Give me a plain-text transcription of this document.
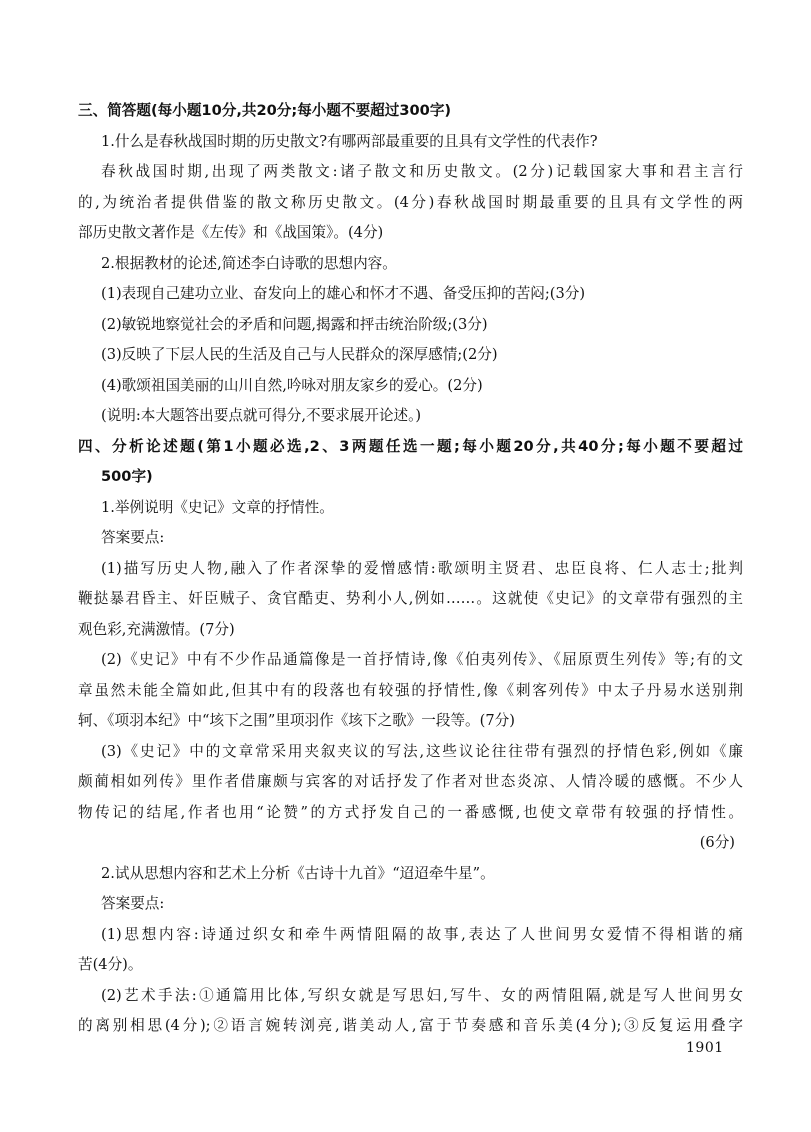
三、简答题(每小题10分,共20分;每小题不要超过300字)
1.什么是春秋战国时期的历史散文?有哪两部最重要的且具有文学性的代表作?
春秋战国时期,出现了两类散文:诸子散文和历史散文。(2分)记载国家大事和君主言行
的,为统治者提供借鉴的散文称历史散文。(4分)春秋战国时期最重要的且具有文学性的两
部历史散文著作是《左传》和《战国策》。(4分)
2.根据教材的论述,简述李白诗歌的思想内容。
(1)表现自己建功立业、奋发向上的雄心和怀才不遇、备受压抑的苦闷;(3分)
(2)敏锐地察觉社会的矛盾和问题,揭露和抨击统治阶级;(3分)
(3)反映了下层人民的生活及自己与人民群众的深厚感情;(2分)
(4)歌颂祖国美丽的山川自然,吟咏对朋友家乡的爱心。(2分)
(说明:本大题答出要点就可得分,不要求展开论述。)
四、分析论述题(第1小题必选,2、3两题任选一题;每小题20分,共40分;每小题不要超过
500字)
1.举例说明《史记》文章的抒情性。
答案要点:
(1)描写历史人物,融入了作者深挚的爱憎感情:歌颂明主贤君、忠臣良将、仁人志士;批判
鞭挞暴君昏主、奸臣贼子、贪官酷吏、势利小人,例如……。这就使《史记》的文章带有强烈的主
观色彩,充满激情。(7分)
(2)《史记》中有不少作品通篇像是一首抒情诗,像《伯夷列传》、《屈原贾生列传》等;有的文
章虽然未能全篇如此,但其中有的段落也有较强的抒情性,像《刺客列传》中太子丹易水送别荆
轲、《项羽本纪》中“垓下之围”里项羽作《垓下之歌》一段等。(7分)
(3)《史记》中的文章常采用夹叙夹议的写法,这些议论往往带有强烈的抒情色彩,例如《廉
颇蔺相如列传》里作者借廉颇与宾客的对话抒发了作者对世态炎凉、人情冷暖的感慨。不少人
物传记的结尾,作者也用“论赞”的方式抒发自己的一番感慨,也使文章带有较强的抒情性。
(6分)
2.试从思想内容和艺术上分析《古诗十九首》“迢迢牵牛星”。
答案要点:
(1)思想内容:诗通过织女和牵牛两情阻隔的故事,表达了人世间男女爱情不得相谐的痛
苦(4分)。
(2)艺术手法:①通篇用比体,写织女就是写思妇,写牛、女的两情阻隔,就是写人世间男女
的离别相思(4分);②语言婉转浏亮,谐美动人,富于节奏感和音乐美(4分);③反复运用叠字
1901
